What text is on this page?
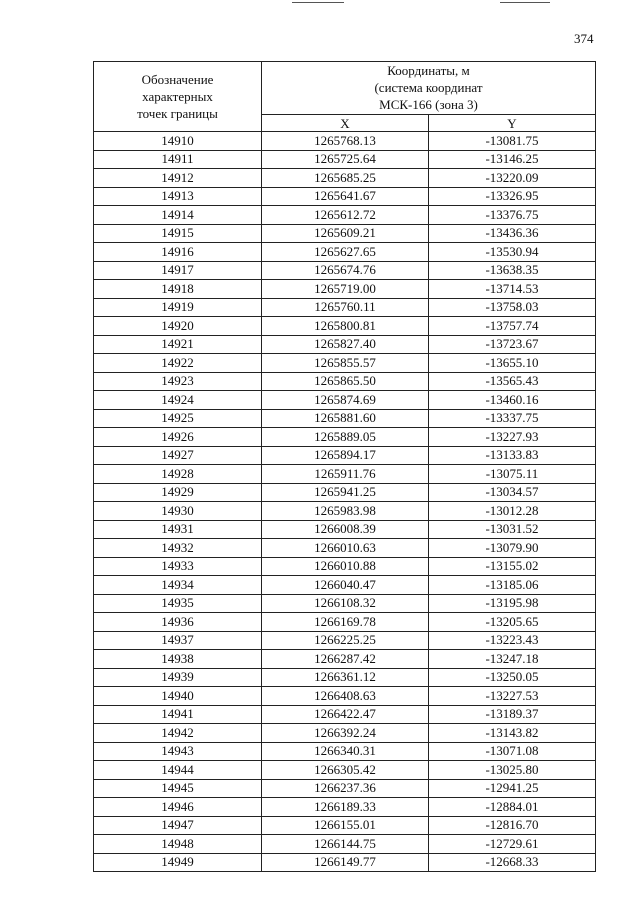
374
Обозначение
характерных
точек границы	Координаты, м
(система координат
МСК-166 (зона 3)	

	X	Y
14910	1265768.13	-13081.75
14911	1265725.64	-13146.25
14912	1265685.25	-13220.09
14913	1265641.67	-13326.95
14914	1265612.72	-13376.75
14915	1265609.21	-13436.36
14916	1265627.65	-13530.94
14917	1265674.76	-13638.35
14918	1265719.00	-13714.53
14919	1265760.11	-13758.03
14920	1265800.81	-13757.74
14921	1265827.40	-13723.67
14922	1265855.57	-13655.10
14923	1265865.50	-13565.43
14924	1265874.69	-13460.16
14925	1265881.60	-13337.75
14926	1265889.05	-13227.93
14927	1265894.17	-13133.83
14928	1265911.76	-13075.11
14929	1265941.25	-13034.57
14930	1265983.98	-13012.28
14931	1266008.39	-13031.52
14932	1266010.63	-13079.90
14933	1266010.88	-13155.02
14934	1266040.47	-13185.06
14935	1266108.32	-13195.98
14936	1266169.78	-13205.65
14937	1266225.25	-13223.43
14938	1266287.42	-13247.18
14939	1266361.12	-13250.05
14940	1266408.63	-13227.53
14941	1266422.47	-13189.37
14942	1266392.24	-13143.82
14943	1266340.31	-13071.08
14944	1266305.42	-13025.80
14945	1266237.36	-12941.25
14946	1266189.33	-12884.01
14947	1266155.01	-12816.70
14948	1266144.75	-12729.61
14949	1266149.77	-12668.33
